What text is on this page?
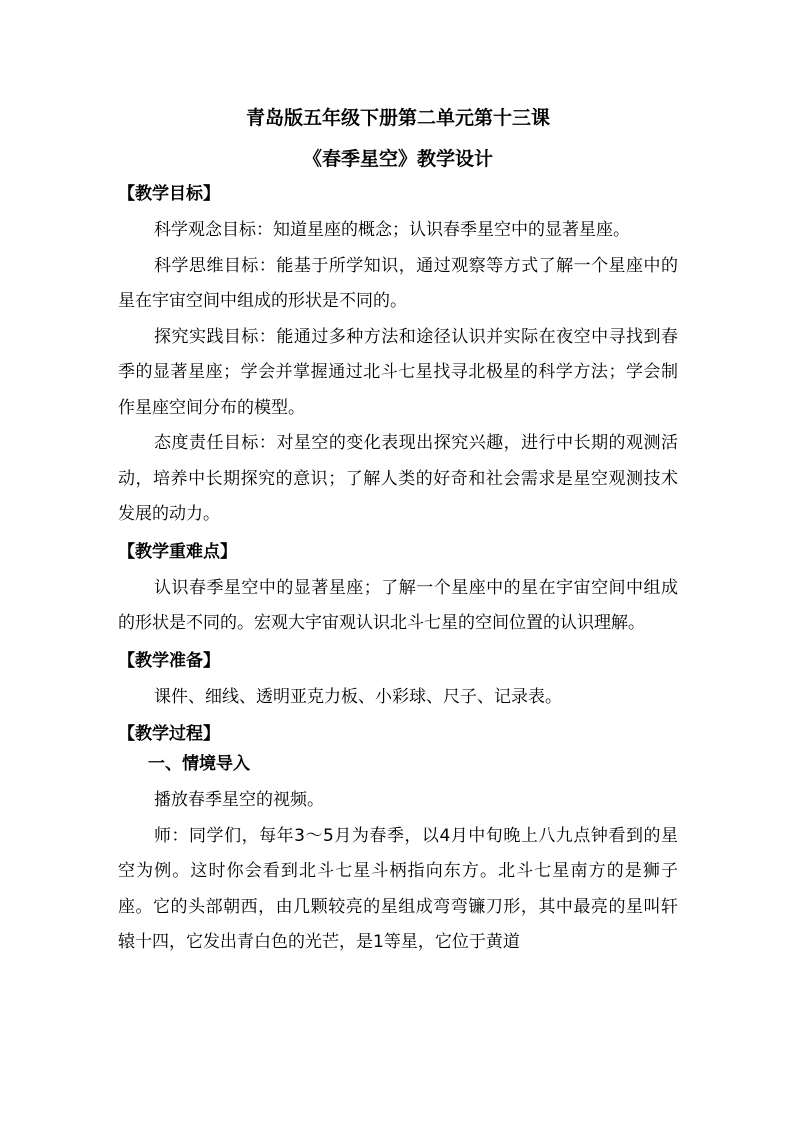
青岛版五年级下册第二单元第十三课
《春季星空》教学设计
【教学目标】

科学观念目标：知道星座的概念；认识春季星空中的显著星座。

科学思维目标：能基于所学知识，通过观察等方式了解一个星座中的星在宇宙空间中组成的形状是不同的。

探究实践目标：能通过多种方法和途径认识并实际在夜空中寻找到春季的显著星座；学会并掌握通过北斗七星找寻北极星的科学方法；学会制作星座空间分布的模型。

态度责任目标：对星空的变化表现出探究兴趣，进行中长期的观测活动，培养中长期探究的意识；了解人类的好奇和社会需求是星空观测技术发展的动力。

【教学重难点】

认识春季星空中的显著星座；了解一个星座中的星在宇宙空间中组成的形状是不同的。宏观大宇宙观认识北斗七星的空间位置的认识理解。

【教学准备】

课件、细线、透明亚克力板、小彩球、尺子、记录表。

【教学过程】
一、情境导入

播放春季星空的视频。

师：同学们，每年3～5月为春季，以4月中旬晚上八九点钟看到的星空为例。这时你会看到北斗七星斗柄指向东方。北斗七星南方的是狮子座。它的头部朝西，由几颗较亮的星组成弯弯镰刀形，其中最亮的星叫轩辕十四，它发出青白色的光芒，是1等星，它位于黄道
